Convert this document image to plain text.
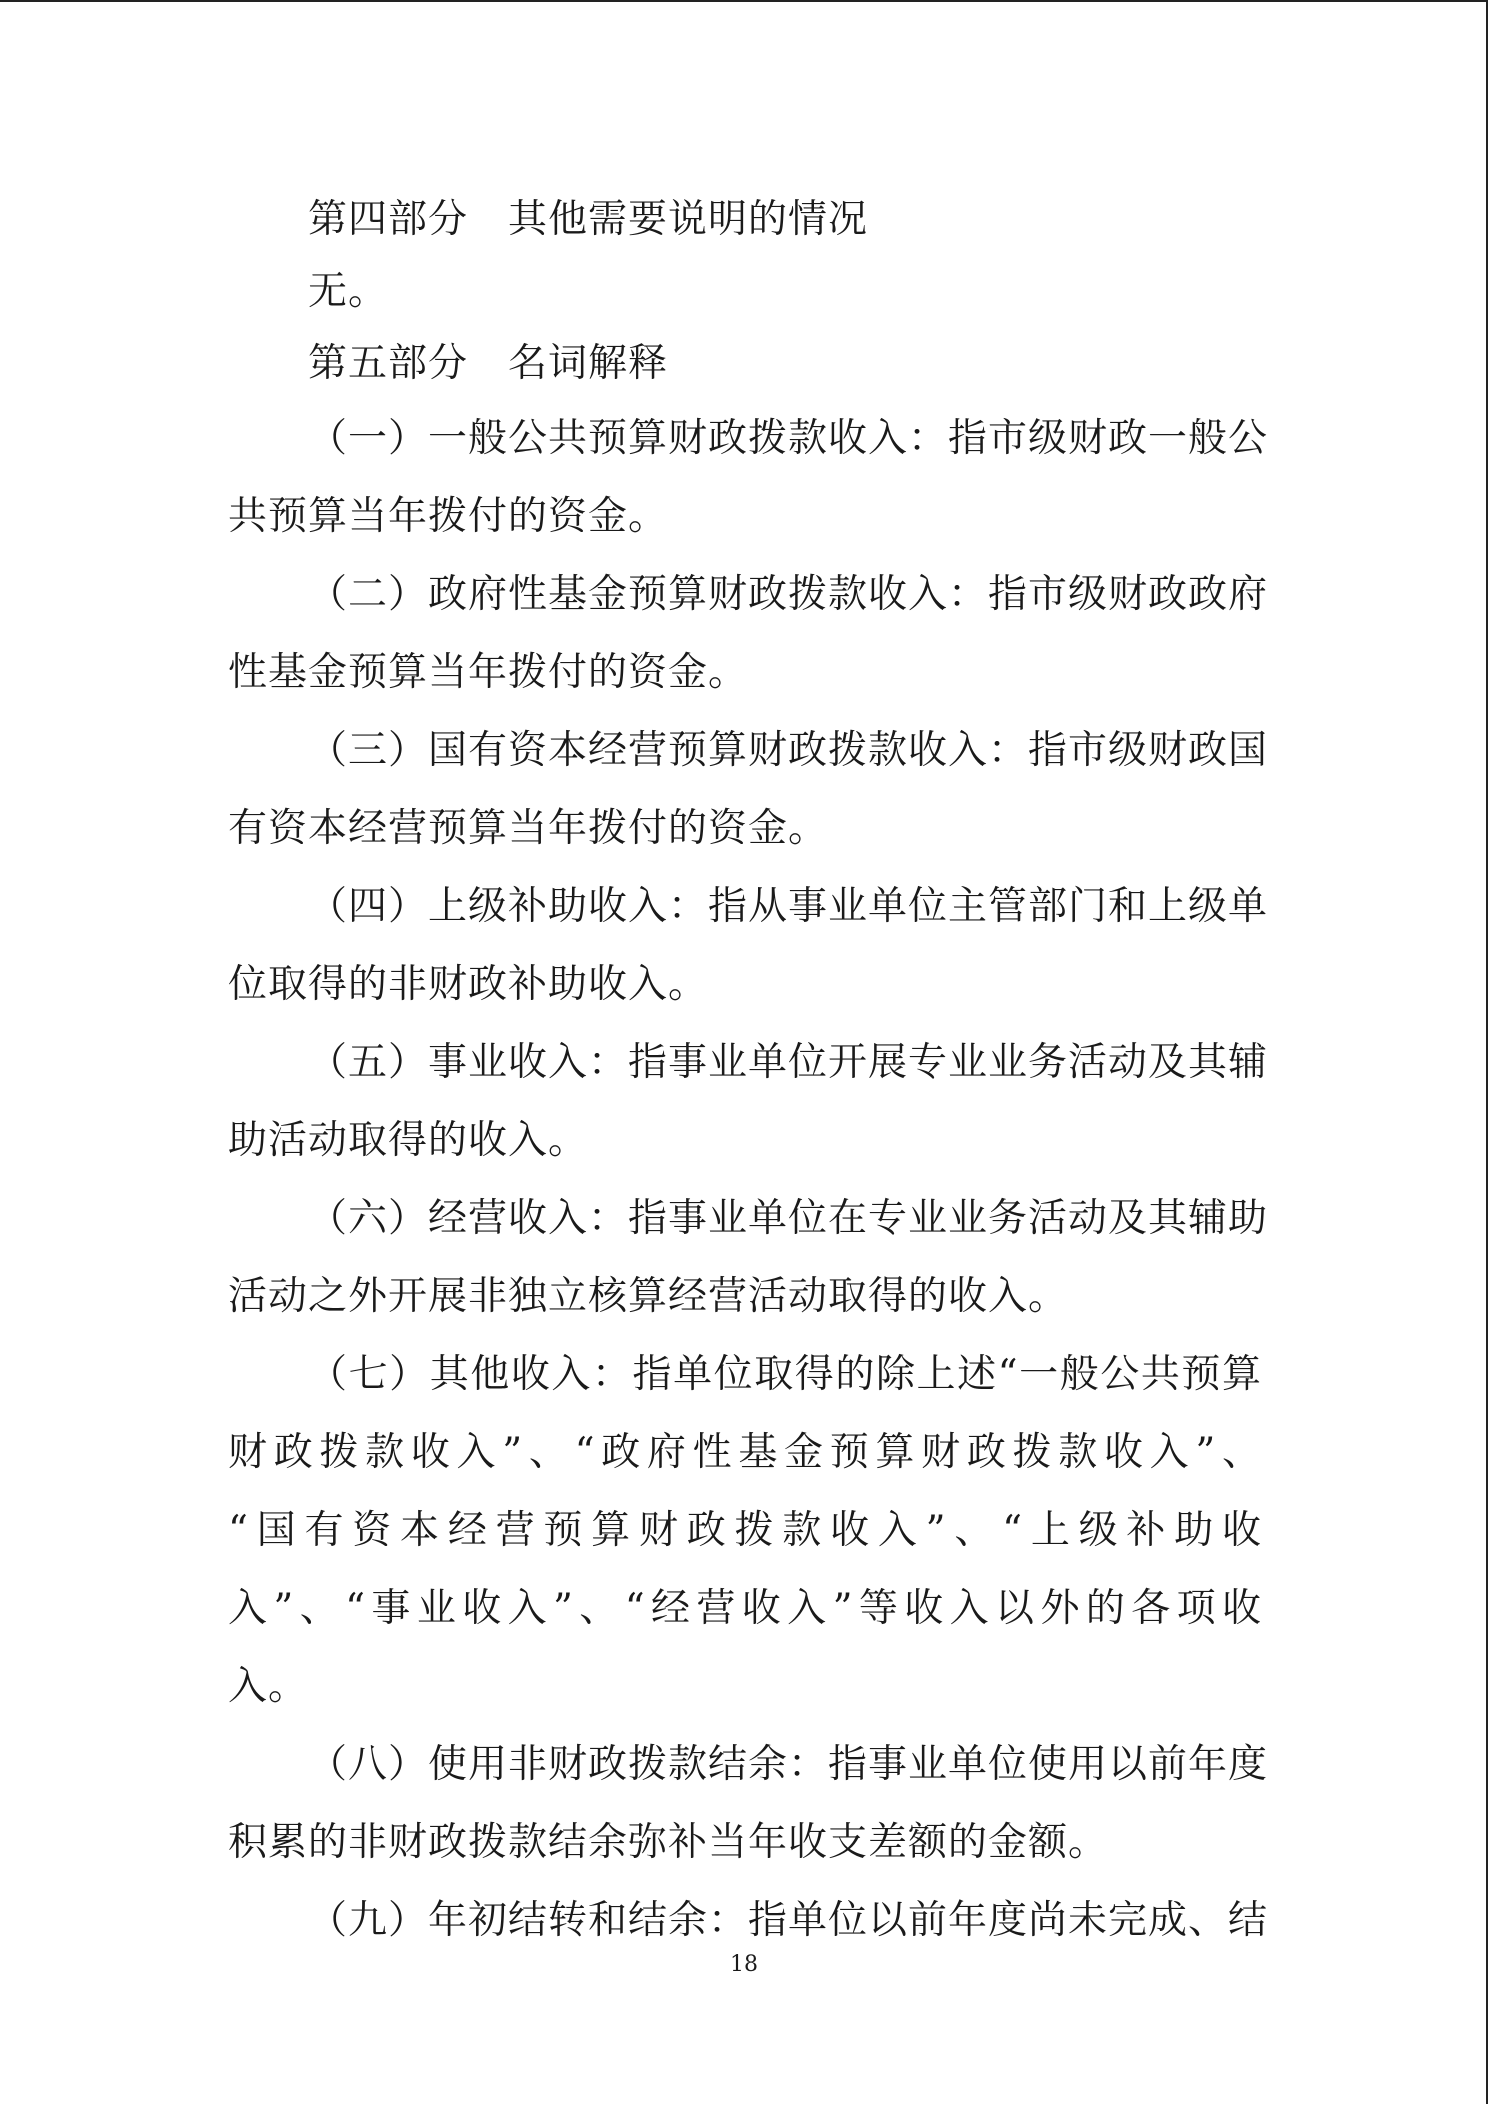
第四部分　其他需要说明的情况
无。
第五部分　名词解释
（一）一般公共预算财政拨款收入：指市级财政一般公
共预算当年拨付的资金。
（二）政府性基金预算财政拨款收入：指市级财政政府
性基金预算当年拨付的资金。
（三）国有资本经营预算财政拨款收入：指市级财政国
有资本经营预算当年拨付的资金。
（四）上级补助收入：指从事业单位主管部门和上级单
位取得的非财政补助收入。
（五）事业收入：指事业单位开展专业业务活动及其辅
助活动取得的收入。
（六）经营收入：指事业单位在专业业务活动及其辅助
活动之外开展非独立核算经营活动取得的收入。
（七）其他收入：指单位取得的除上述“一般公共预算
财政拨款收入”、“政府性基金预算财政拨款收入”、
“国有资本经营预算财政拨款收入”、“上级补助收
入”、“事业收入”、“经营收入”等收入以外的各项收
入。
（八）使用非财政拨款结余：指事业单位使用以前年度
积累的非财政拨款结余弥补当年收支差额的金额。
（九）年初结转和结余：指单位以前年度尚未完成、结
18
